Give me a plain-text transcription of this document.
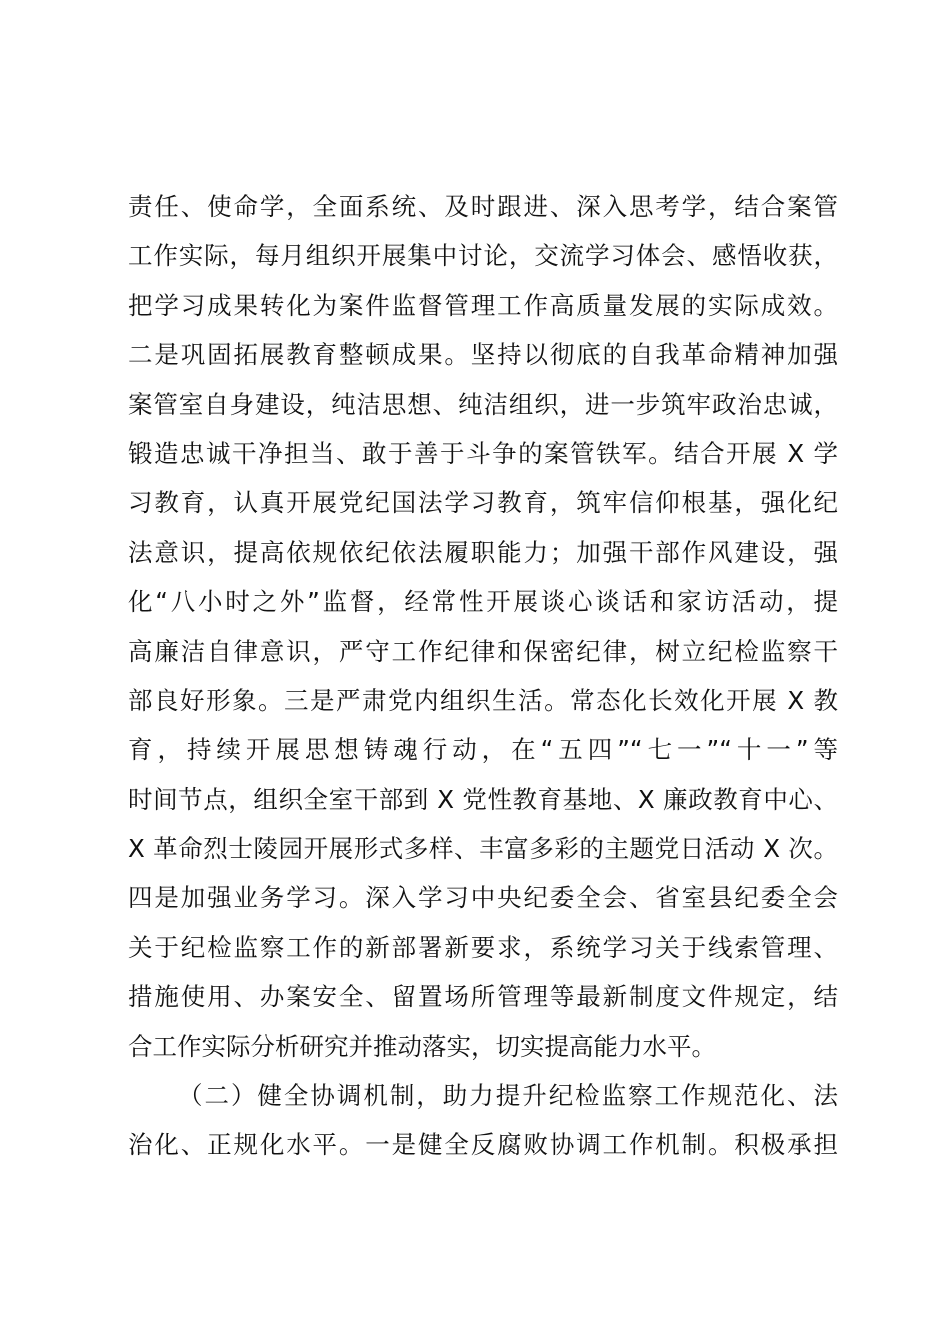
责任、使命学，全面系统、及时跟进、深入思考学，结合案管
工作实际，每月组织开展集中讨论，交流学习体会、感悟收获，
把学习成果转化为案件监督管理工作高质量发展的实际成效。
二是巩固拓展教育整顿成果。坚持以彻底的自我革命精神加强
案管室自身建设，纯洁思想、纯洁组织，进一步筑牢政治忠诚，
锻造忠诚干净担当、敢于善于斗争的案管铁军。结合开展 X 学
习教育，认真开展党纪国法学习教育，筑牢信仰根基，强化纪
法意识，提高依规依纪依法履职能力；加强干部作风建设，强
化“八小时之外”监督，经常性开展谈心谈话和家访活动，提
高廉洁自律意识，严守工作纪律和保密纪律，树立纪检监察干
部良好形象。三是严肃党内组织生活。常态化长效化开展 X 教
育，持续开展思想铸魂行动，在“五四”“七一”“十一”等
时间节点，组织全室干部到 X 党性教育基地、X 廉政教育中心、
X 革命烈士陵园开展形式多样、丰富多彩的主题党日活动 X 次。
四是加强业务学习。深入学习中央纪委全会、省室县纪委全会
关于纪检监察工作的新部署新要求，系统学习关于线索管理、
措施使用、办案安全、留置场所管理等最新制度文件规定，结
合工作实际分析研究并推动落实，切实提高能力水平。
（二）健全协调机制，助力提升纪检监察工作规范化、法
治化、正规化水平。一是健全反腐败协调工作机制。积极承担
